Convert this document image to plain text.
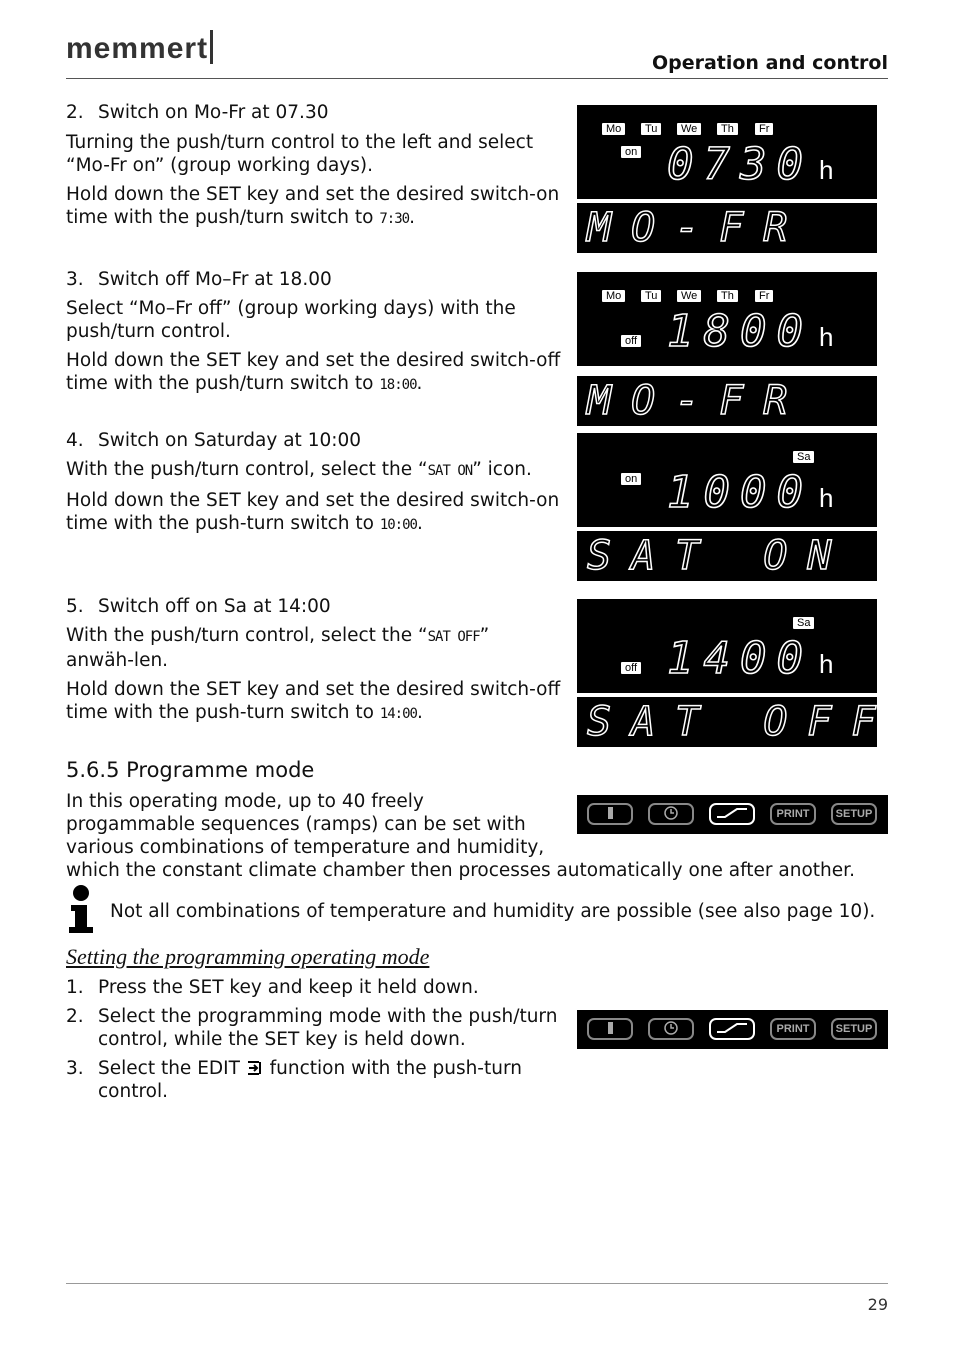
memmert	Operation and control
2. Switch on Mo-Fr at 07.30
Turning the push/turn control to the left and select “Mo-Fr on” (group working days).
Hold down the SET key and set the desired switch-on time with the push/turn switch to 7:30.
3. Switch off Mo–Fr at 18.00
Select “Mo–Fr off” (group working days) with the push/turn control.
Hold down the SET key and set the desired switch-off time with the push/turn switch to 18:00.
4. Switch on Saturday at 10:00
With the push/turn control, select the “SAT ON” icon.
Hold down the SET key and set the desired switch-on time with the push-turn switch to 10:00.
5. Switch off on Sa at 14:00
With the push/turn control, select the “SAT OFF” anwäh-len.
Hold down the SET key and set the desired switch-off time with the push-turn switch to 14:00.
Mo	Tu	We	Th	Fr
on 0730 h
MO-FR
Mo	Tu	We	Th	Fr
off 1800 h
MO-FR
Sa
on 1000 h
SAT ON
Sa
off 1400 h
SAT OFF
5.6.5 Programme mode
In this operating mode, up to 40 freely
progammable sequences (ramps) can be set with
various combinations of temperature and humidity,
which the constant climate chamber then processes automatically one after another.
PRINT	SETUP
Not all combinations of temperature and humidity are possible (see also page 10).
Setting the programming operating mode
1. Press the SET key and keep it held down.
2. Select the programming mode with the push/turn
control, while the SET key is held down.
3. Select the EDIT  function with the push-turn
control.
PRINT	SETUP
29
